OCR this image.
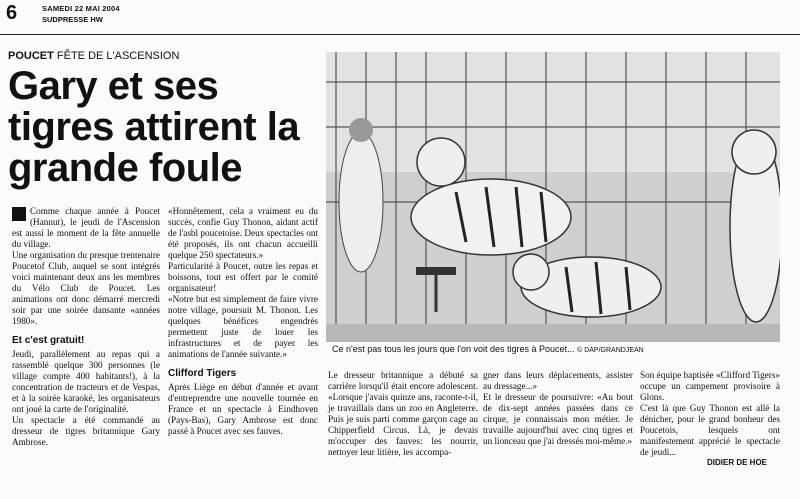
6	SAMEDI 22 MAI 2004
SUDPRESSE HW
POUCET FÊTE DE L'ASCENSION
Gary et ses tigres attirent la grande foule
Ce n'est pas tous les jours que l'on voit des tigres à Poucet... © DAP/GRANDJEAN

Comme chaque année à Poucet (Hannut), le jeudi de l'Ascension est aussi le moment de la fête annuelle du village.

Une organisation du presque trentenaire Poucetof Club, auquel se sont intégrés voici maintenant deux ans les membres du Vélo Club de Poucet. Les animations ont donc démarré mercredi soir par une soirée dansante «années 1980».

Et c'est gratuit!

Jeudi, parallèlement au repas qui a rassemblé quelque 300 personnes (le village compte 400 habitants!), à la concentration de tracteurs et de Vespas, et à la soirée karaoké, les organisateurs ont joué la carte de l'originalité.

Un spectacle a été commandé au dresseur de tigres britannique Gary Ambrose.

«Honnêtement, cela a vraiment eu du succès, confie Guy Thonon, aidant actif de l'asbl poucetoise. Deux spectacles ont été proposés, ils ont chacun accueilli quelque 250 spectateurs.»

Particularité à Poucet, outre les repas et boissons, tout est offert par le comité organisateur!

«Notre but est simplement de faire vivre notre village, poursuit M. Thonon. Les quelques bénéfices engendrés permettent juste de louer les infrastructures et de payer les animations de l'année suivante.»

Clifford Tigers

Après Liège en début d'année et avant d'entreprendre une nouvelle tournée en France et un spectacle à Eindhoven (Pays-Bas), Gary Ambrose est donc passé à Poucet avec ses fauves.

Le dresseur britannique a débuté sa carrière lorsqu'il était encore adolescent. «Lorsque j'avais quinze ans, raconte-t-il, je travaillais dans un zoo en Angleterre. Puis je suis parti comme garçon cage au Chipperfield Circus. Là, je devais m'occuper des fauves: les nourrir, nettoyer leur litière, les accompa-

gner dans leurs déplacements, assister au dressage...»

Et le dresseur de poursuivre: «Au bout de dix-sept années passées dans ce cirque, je connaissais mon métier. Je travaille aujourd'hui avec cinq tigres et un lionceau que j'ai dressés moi-même.»

Son équipe baptisée «Clifford Tigers» occupe un campement provisoire à Glons.

C'est là que Guy Thonon est allé la dénicher, pour le grand bonheur des Poucetois, lesquels ont manifestement apprécié le spectacle de jeudi...

DIDIER DE HOE
